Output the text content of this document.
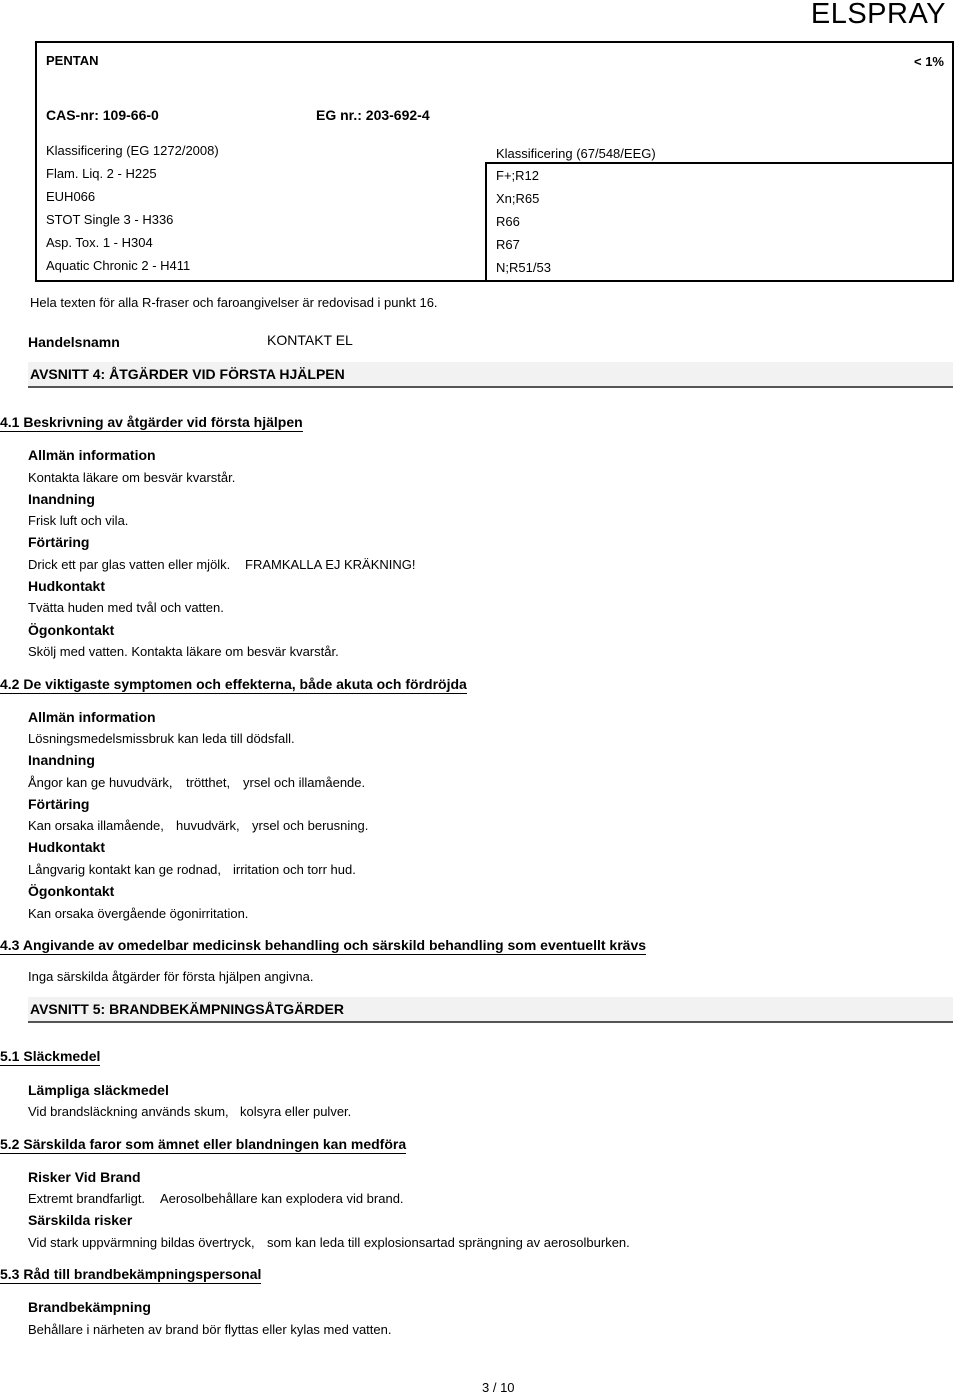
ELSPRAY
PENTAN	< 1%
CAS-nr: 109-66-0	EG nr.: 203-692-4
Klassificering (EG 1272/2008)
Flam. Liq. 2 - H225
EUH066
STOT Single 3 - H336
Asp. Tox. 1 - H304
Aquatic Chronic 2 - H411
Klassificering (67/548/EEG)
F+;R12
Xn;R65
R66
R67
N;R51/53
Hela texten för alla R-fraser och faroangivelser är redovisad i punkt 16.
Handelsnamn	KONTAKT EL
AVSNITT 4: ÅTGÄRDER VID FÖRSTA HJÄLPEN
4.1 Beskrivning av åtgärder vid första hjälpen
Allmän information
Kontakta läkare om besvär kvarstår.
Inandning
Frisk luft och vila.
Förtäring
Drick ett par glas vatten eller mjölk. FRAMKALLA EJ KRÄKNING!
Hudkontakt
Tvätta huden med tvål och vatten.
Ögonkontakt
Skölj med vatten. Kontakta läkare om besvär kvarstår.
4.2 De viktigaste symptomen och effekterna, både akuta och fördröjda
Allmän information
Lösningsmedelsmissbruk kan leda till dödsfall.
Inandning
Ångor kan ge huvudvärk, trötthet, yrsel och illamående.
Förtäring
Kan orsaka illamående, huvudvärk, yrsel och berusning.
Hudkontakt
Långvarig kontakt kan ge rodnad, irritation och torr hud.
Ögonkontakt
Kan orsaka övergående ögonirritation.
4.3 Angivande av omedelbar medicinsk behandling och särskild behandling som eventuellt krävs
Inga särskilda åtgärder för första hjälpen angivna.
AVSNITT 5: BRANDBEKÄMPNINGSÅTGÄRDER
5.1 Släckmedel
Lämpliga släckmedel
Vid brandsläckning används skum, kolsyra eller pulver.
5.2 Särskilda faror som ämnet eller blandningen kan medföra
Risker Vid Brand
Extremt brandfarligt. Aerosolbehållare kan explodera vid brand.
Särskilda risker
Vid stark uppvärmning bildas övertryck, som kan leda till explosionsartad sprängning av aerosolburken.
5.3 Råd till brandbekämpningspersonal
Brandbekämpning
Behållare i närheten av brand bör flyttas eller kylas med vatten.
3 / 10
